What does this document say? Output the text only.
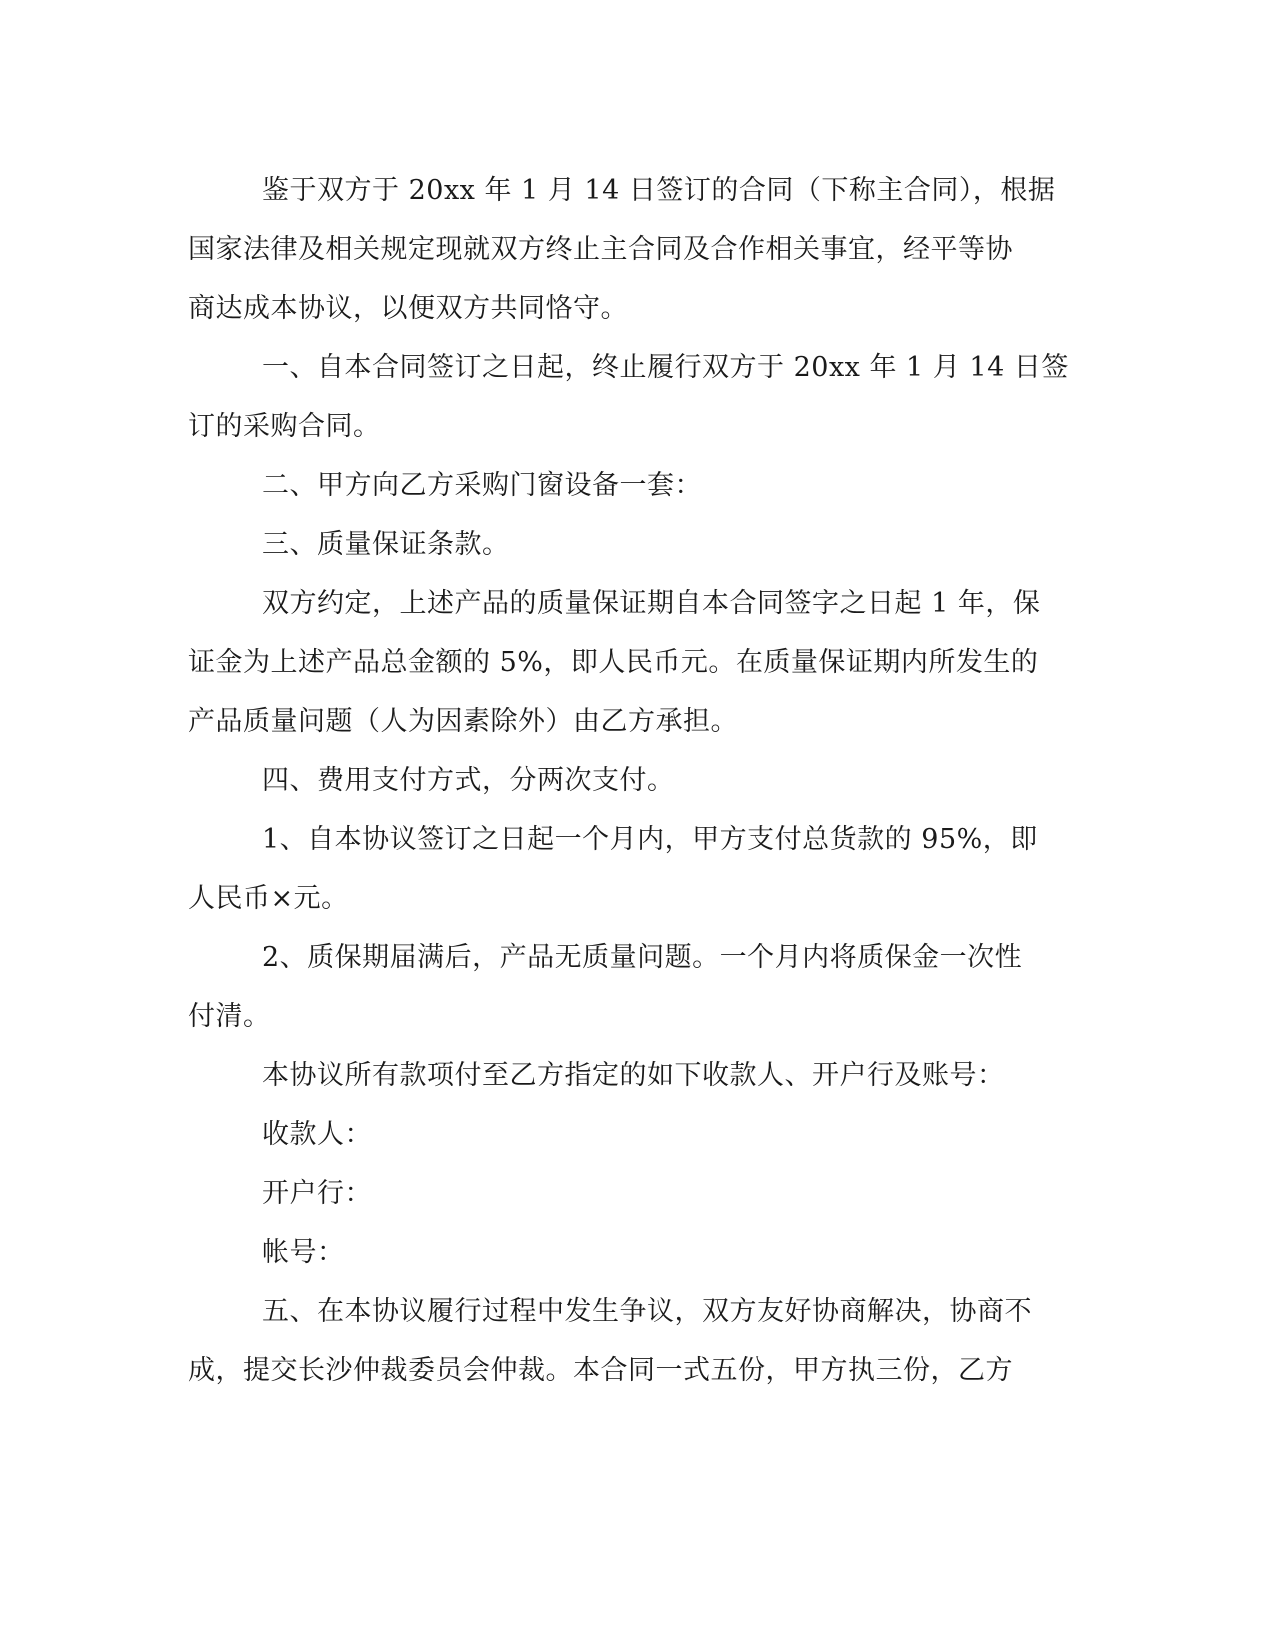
鉴于双方于 20xx 年 1 月 14 日签订的合同（下称主合同），根据
国家法律及相关规定现就双方终止主合同及合作相关事宜，经平等协
商达成本协议，以便双方共同恪守。
一、自本合同签订之日起，终止履行双方于 20xx 年 1 月 14 日签
订的采购合同。
二、甲方向乙方采购门窗设备一套：
三、质量保证条款。
双方约定，上述产品的质量保证期自本合同签字之日起 1 年，保
证金为上述产品总金额的 5%，即人民币元。在质量保证期内所发生的
产品质量问题（人为因素除外）由乙方承担。
四、费用支付方式，分两次支付。
1、自本协议签订之日起一个月内，甲方支付总货款的 95%，即
人民币×元。
2、质保期届满后，产品无质量问题。一个月内将质保金一次性
付清。
本协议所有款项付至乙方指定的如下收款人、开户行及账号：
收款人：
开户行：
帐号：
五、在本协议履行过程中发生争议，双方友好协商解决，协商不
成，提交长沙仲裁委员会仲裁。本合同一式五份，甲方执三份，乙方
